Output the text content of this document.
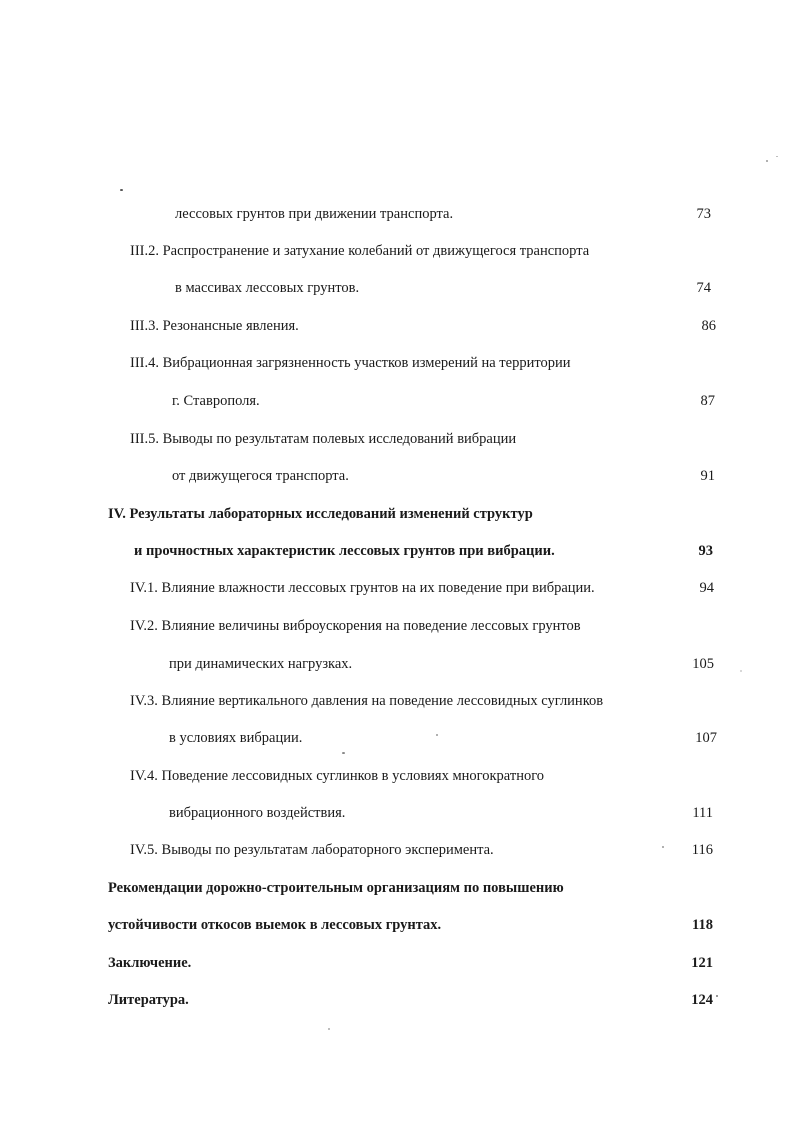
лессовых грунтов при движении транспорта.	73
III.2. Распространение и затухание колебаний от движущегося транспорта
в массивах лессовых грунтов.	74
III.3. Резонансные явления.	86
III.4. Вибрационная загрязненность участков измерений на территории
г. Ставрополя.	87
III.5. Выводы по результатам полевых исследований вибрации
от движущегося транспорта.	91
IV. Результаты лабораторных исследований изменений структур
и прочностных характеристик лессовых грунтов при вибрации.	93
IV.1. Влияние влажности лессовых грунтов на их поведение при вибрации.	94
IV.2. Влияние величины виброускорения на поведение лессовых грунтов
при динамических нагрузках.	105
IV.3. Влияние вертикального давления на поведение лессовидных суглинков
в условиях вибрации.	107
IV.4. Поведение лессовидных суглинков в условиях многократного
вибрационного воздействия.	111
IV.5. Выводы по результатам лабораторного эксперимента.	116
Рекомендации дорожно-строительным организациям по повышению
устойчивости откосов выемок в лессовых грунтах.	118
Заключение.	121
Литература.	124
